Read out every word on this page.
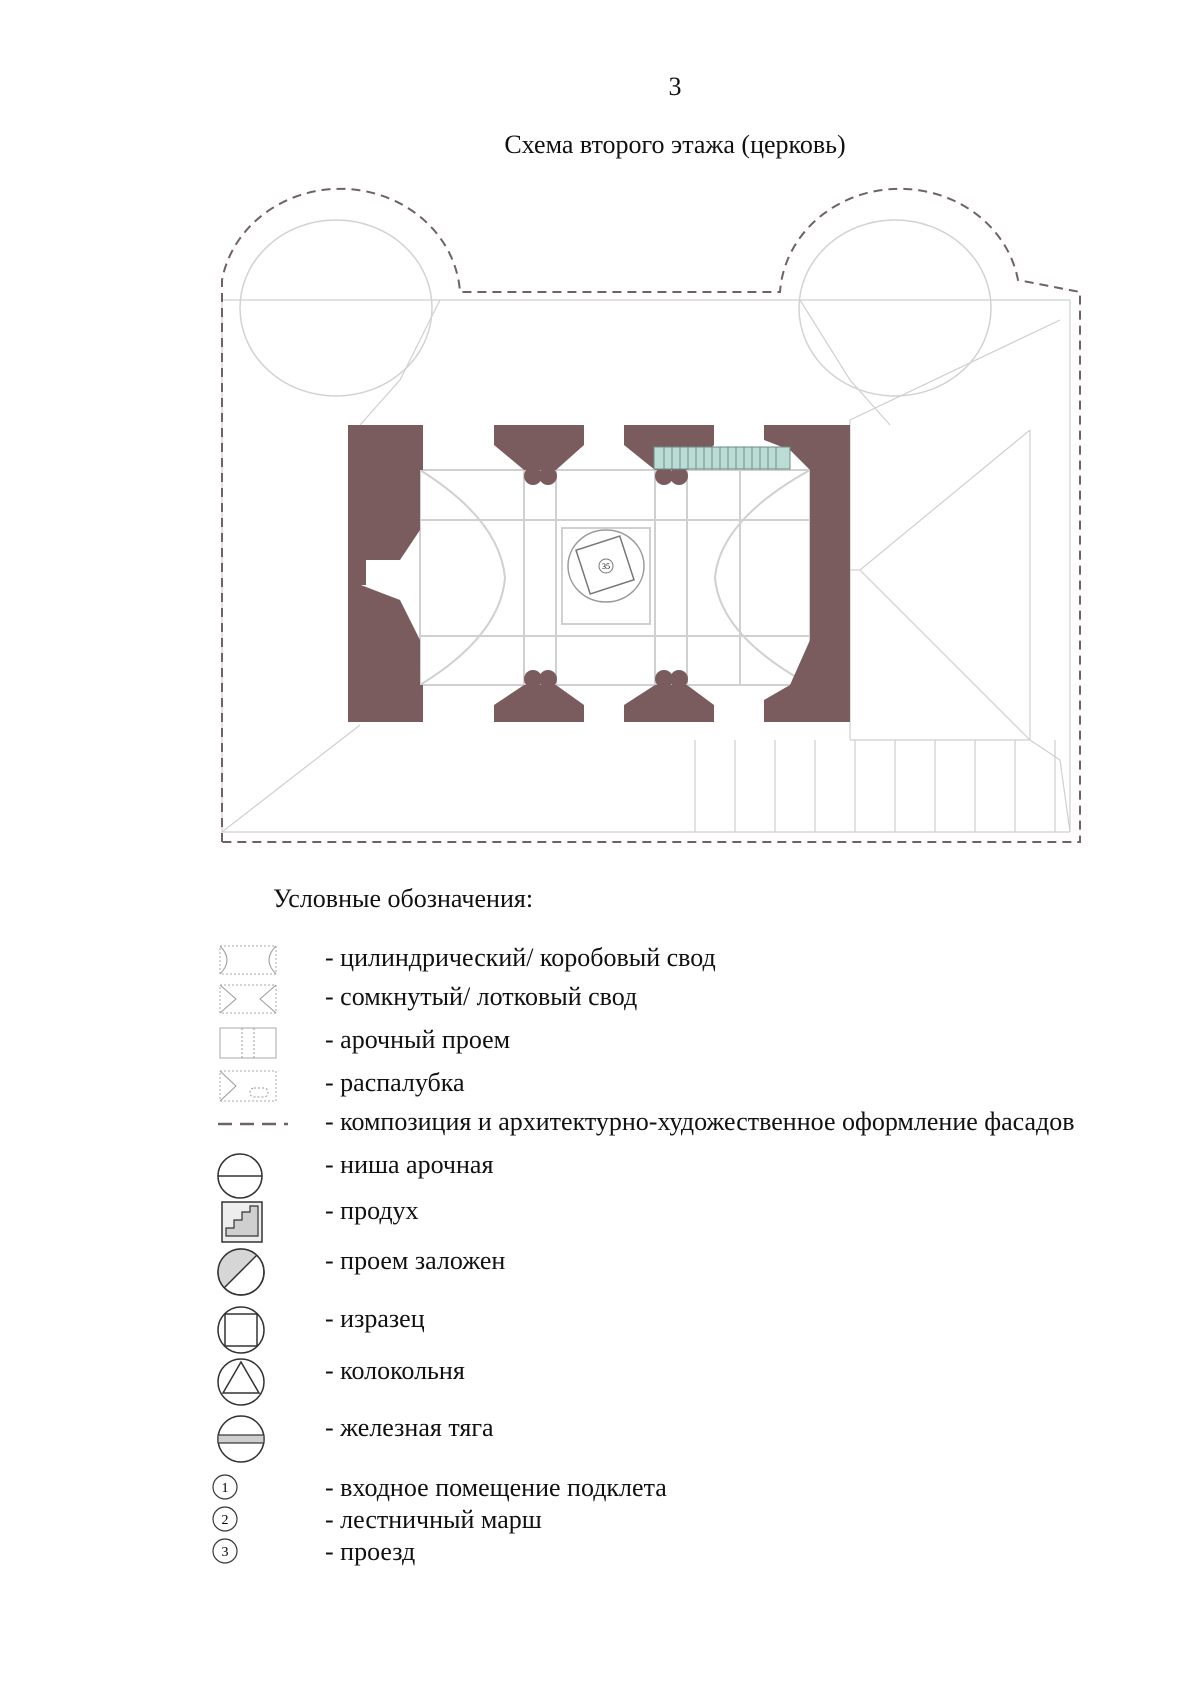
3
Схема второго этажа (церковь)
35
Условные обозначения:
- цилиндрический/ коробовый свод
- сомкнутый/ лотковый свод
- арочный проем
- распалубка
- композиция и архитектурно-художественное оформление фасадов
- ниша арочная
- продух
- проем заложен
- изразец
- колокольня
- железная тяга
1	- входное помещение подклета
2	- лестничный марш
3	- проезд
